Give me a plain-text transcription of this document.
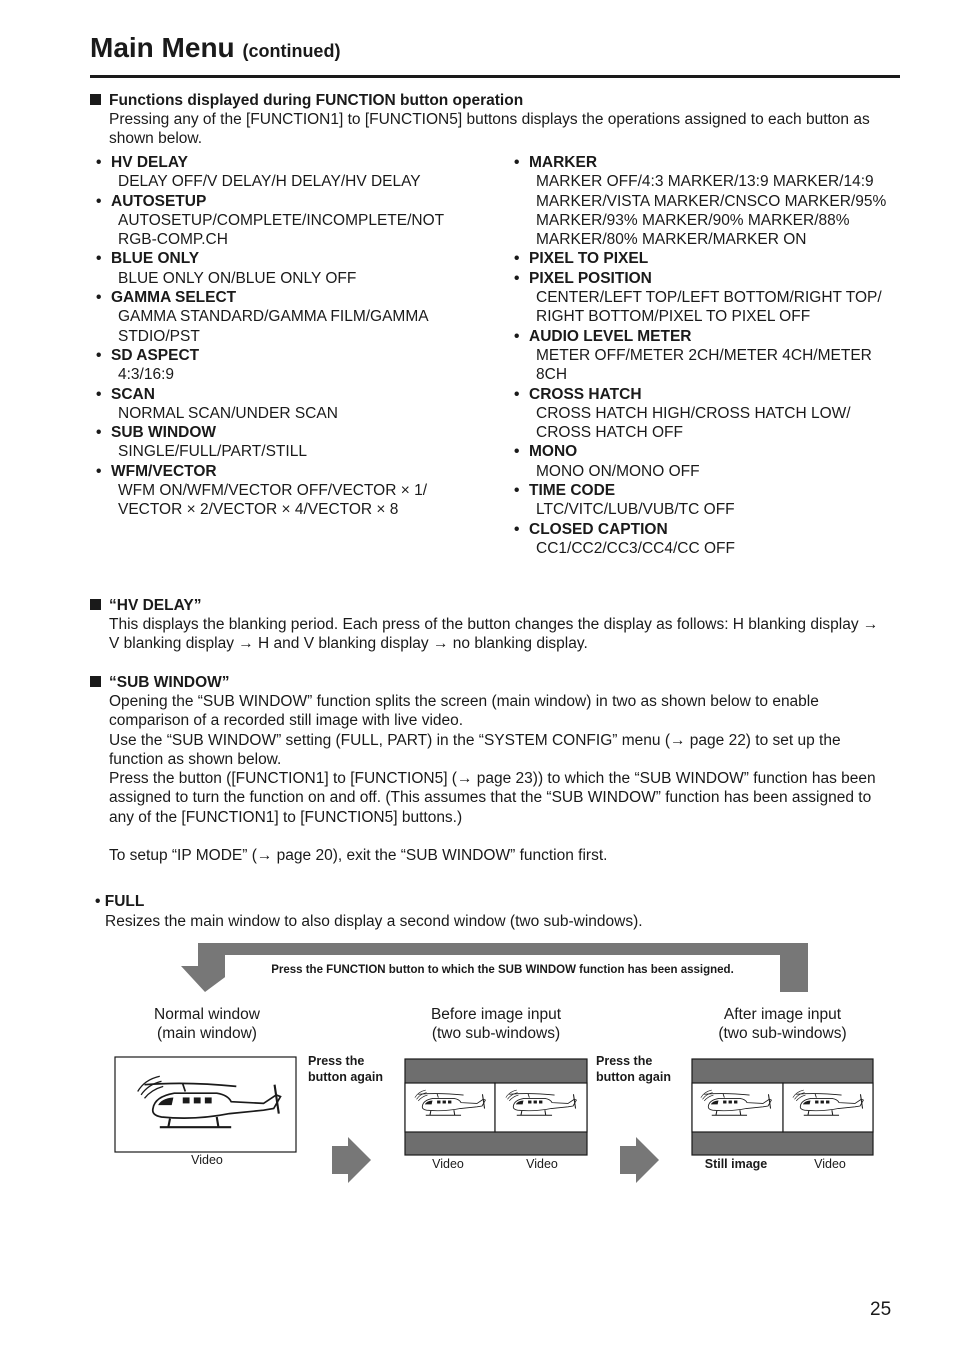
Main Menu (continued)
Functions displayed during FUNCTION button operation
Pressing any of the [FUNCTION1] to [FUNCTION5] buttons displays the operations assigned to each button as
shown below.
• HV DELAY
DELAY OFF/V DELAY/H DELAY/HV DELAY
• AUTOSETUP
AUTOSETUP/COMPLETE/INCOMPLETE/NOT
RGB-COMP.CH
• BLUE ONLY
BLUE ONLY ON/BLUE ONLY OFF
• GAMMA SELECT
GAMMA STANDARD/GAMMA FILM/GAMMA
STDIO/PST
• SD ASPECT
4:3/16:9
• SCAN
NORMAL SCAN/UNDER SCAN
• SUB WINDOW
SINGLE/FULL/PART/STILL
• WFM/VECTOR
WFM ON/WFM/VECTOR OFF/VECTOR × 1/
VECTOR × 2/VECTOR × 4/VECTOR × 8
• MARKER
MARKER OFF/4:3 MARKER/13:9 MARKER/14:9
MARKER/VISTA MARKER/CNSCO MARKER/95%
MARKER/93% MARKER/90% MARKER/88%
MARKER/80% MARKER/MARKER ON
• PIXEL TO PIXEL
• PIXEL POSITION
CENTER/LEFT TOP/LEFT BOTTOM/RIGHT TOP/
RIGHT BOTTOM/PIXEL TO PIXEL OFF
• AUDIO LEVEL METER
METER OFF/METER 2CH/METER 4CH/METER
8CH
• CROSS HATCH
CROSS HATCH HIGH/CROSS HATCH LOW/
CROSS HATCH OFF
• MONO
MONO ON/MONO OFF
• TIME CODE
LTC/VITC/LUB/VUB/TC OFF
• CLOSED CAPTION
CC1/CC2/CC3/CC4/CC OFF
“HV DELAY”
This displays the blanking period. Each press of the button changes the display as follows: H blanking display →
V blanking display → H and V blanking display → no blanking display.
“SUB WINDOW”
Opening the “SUB WINDOW” function splits the screen (main window) in two as shown below to enable
comparison of a recorded still image with live video.
Use the “SUB WINDOW” setting (FULL, PART) in the “SYSTEM CONFIG” menu (→ page 22) to set up the
function as shown below.
Press the button ([FUNCTION1] to [FUNCTION5] (→ page 23)) to which the “SUB WINDOW” function has been
assigned to turn the function on and off. (This assumes that the “SUB WINDOW” function has been assigned to
any of the [FUNCTION1] to [FUNCTION5] buttons.)
To setup “IP MODE” (→ page 20), exit the “SUB WINDOW” function first.
• FULL
Resizes the main window to also display a second window (two sub-windows).
Press the FUNCTION button to which the SUB WINDOW function has been assigned.
Normal window
(main window)
Before image input
(two sub-windows)
After image input
(two sub-windows)
Press the
button again
Press the
button again
Video	Video	Video	Still image	Video
25
